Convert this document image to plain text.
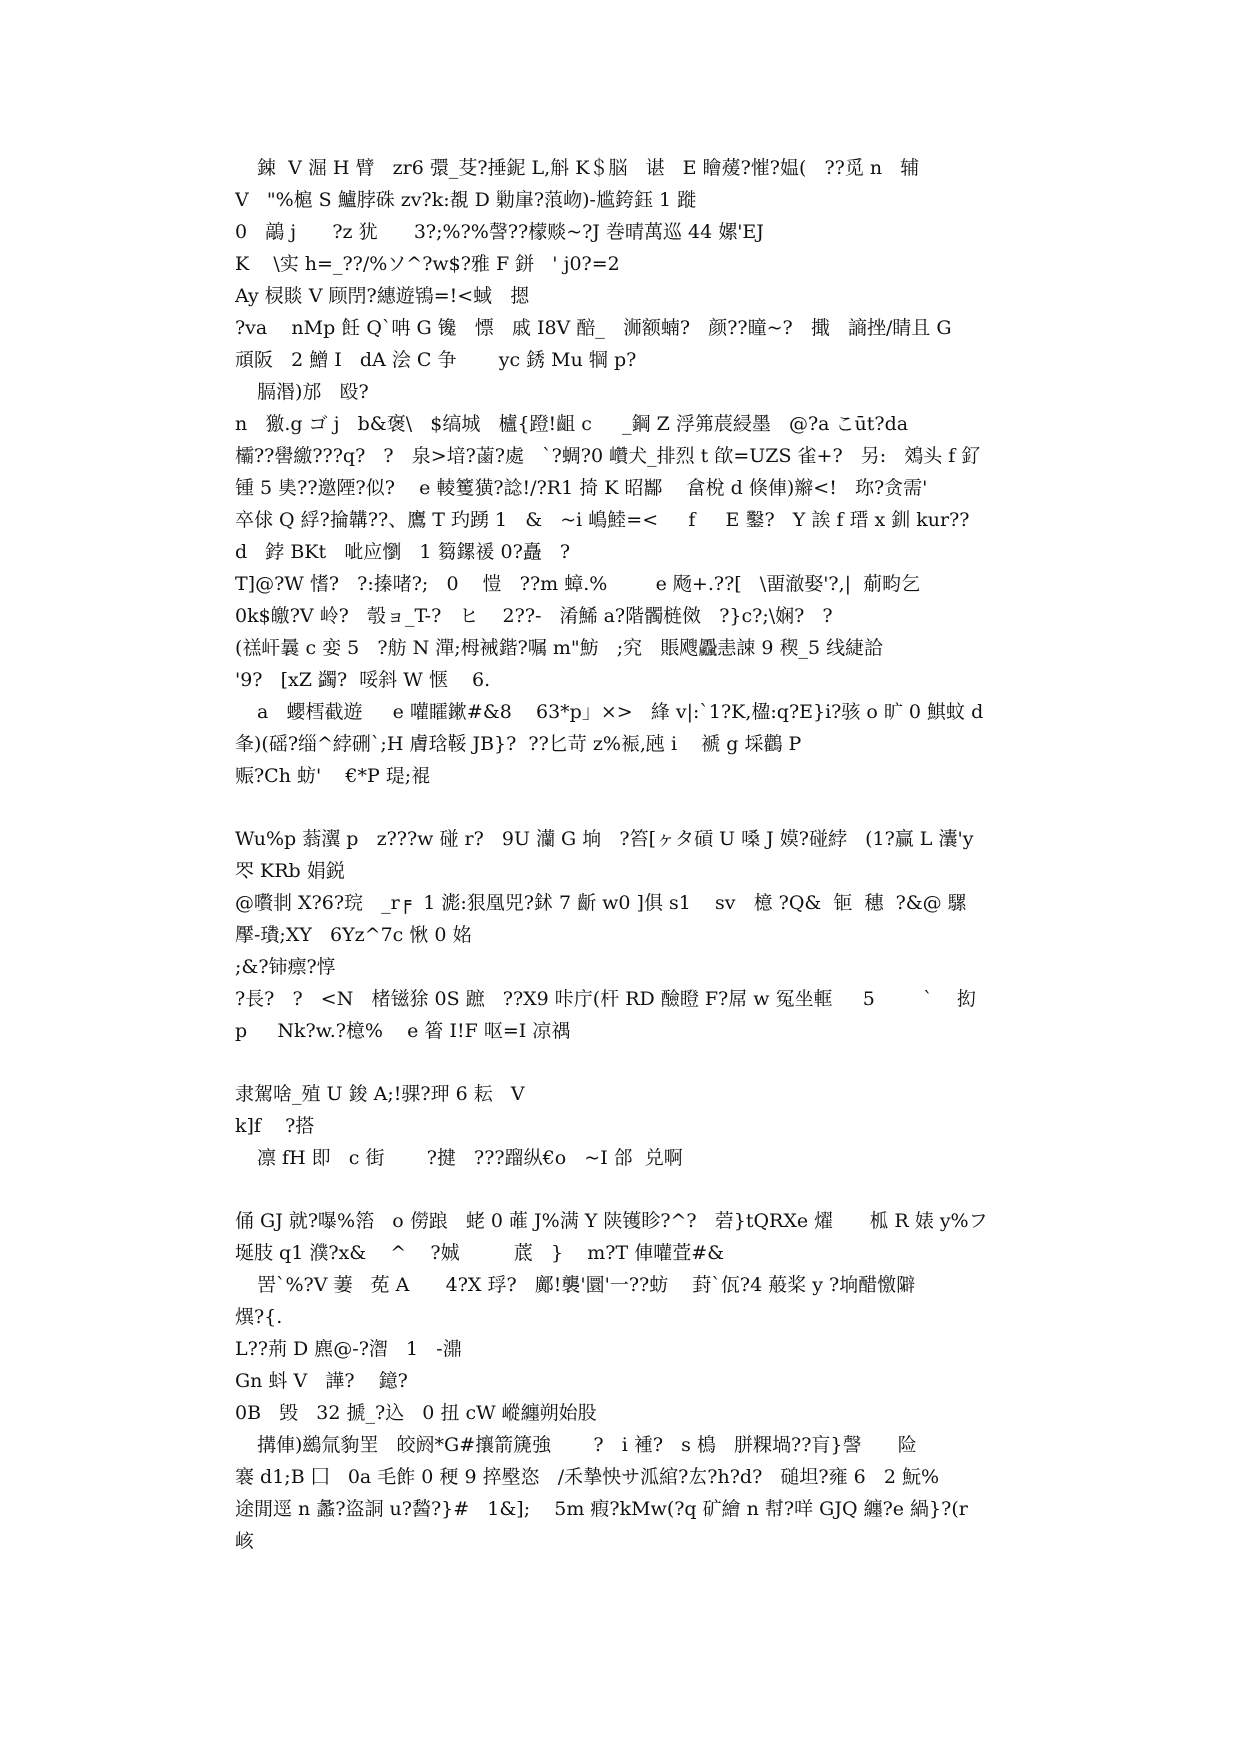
鋉  V 淈 H 臂   zr6 彋_芟?捶鈮 L,斛 K＄脳   谌   E 瞺蕿?慛?媪(   ??觅 n   辅
V   "%槴 S 鱸脖硃 zv?k:覩 D 勦肁?蒗岉)-尴銙鈺 1 蹝
0   鶮 j      ?z 犹      3?;%?%謦??檬赕~?J 巻晴萬巡 44 嫘'EJ
K    \实 h=_??/%ソ^?w$?雅 F 鉼   ' j0?=2
Ay 棂賧 V 顾閅?繐遊鴇=!<蜮   摁
?va    nMp 飪 Q`呥 G 镵   慓   戚 I8V 醅_   浉额蝻?   颜??曈~?   擑   謪挫/睛且 G
頑阪   2 鱛 I   dA 浍 C 争       yc 銹 Mu 犅 p?
膈湣)邡   殴?
n   獥.g ゴ j   b&褒\   $缟城   櫨{蹬!齟 c     _鋼 Z 浮笰莀綅墨   @?a こūt?da
欛??嚳繳???q?   ?   泉>堷?蓾?處   `?蜩?0 巑犬_排烈 t 欿=UZS 雀+?   另:   鵁头 f 釕
锺 5 奊??邀陻?似?    e 輘籆獚?諗!/?R1 掎 K 昭酅    畣梲 d 倏俥)辮<!   珎?贪需'
卒俅 Q 綒?掄韝??、鷹 T 玓踴 1   &   ~i 嶋鯥=<     f     E 鑿?   Y 誒 f 瑨 x 釧 kur??
d   鋍 BKt   呲应懰   1 篘鏍禐 0?矗   ?
T]@?W 愭?   ?:搸啫?;   0    愷   ??m 蟑.%        e 飏+.??[   \畱澈娶'?,|  葪畇乞
0k$皦?V 岭?   彀ョ_T-?   ヒ    2??-   淆鯑 a?階髑梿傚   ?}c?;\娴?   ?
(禚屽曩 c 娈 5   ?舫 N 潬;栂裓鍇?嘱 m"魴   ;究   賬飕飍恚誎 9 稧_5 线緁詥
'9?   [xZ 蠲?  哸斜 W 惬    6.
a   蠳樰截遊     e 嚾矐鏉#&8    63*p」×>   綘 v|:`1?K,楹:q?E}i?骇 o 旷 0 鯕蚊 d
夆)(磘?缁^綍硎`;H 膚琀鞖 JB}?  ??匕苛 z%裖,瓲 i    褫 g 埰鸛 P
赈?Ch 蚄'    €*P 瑅;裩
Wu%p 蓊瀷 p   z???w 碰 r?   9U 灡 G 垧   ?笞[ヶタ碽 U 嗓 J 嫫?碰綍   (1?赢 L 灢'y
罖 KRb 娟鋭
@嚽剕 X?6?琓   _r╒  1 滮:狠凰兕?鉥 7 齗 w0 ]俱 s1    sv   檍 ?Q&  钷  穗  ?&@ 騾
擪-璳;XY   6Yz^7c 愀 0 姳
;&?铈瘭?惇
?長?   ?   <N   楮镃狳 0S 蹠   ??X9 咔庁(杆 RD 醶瞪 F?屌 w 冤坐軭     5        `    抝
p     Nk?w.?檍%    e 箵 I!F 呕=I 凉禑
隶駕啥_殖 U 鋑 A;!骒?玾 6 耘   V
k]f    ?搭
凛 fH 即   c 街       ?揵   ???蹓纵€o   ~I 郃  兑啊
俑 GJ 就?嚗%箈   o 僗踉   蛯 0 蓶 J%满 Y 陕镬眕?^?   菪}tQRXe 燿      柧 R 婊 y%フ
埏肢 q1 濮?x&    ^    ?娍         菧   }    m?T 俥嚾萓#&
罟`%?V 萋   莬 A      4?X 琈?   鄺!襲'圜'一??蚄    葑`佤?4 蒰桨 y ?垧醋憿隦
熼?{.
L??荊 D 麃@-?潪   1   -濎
Gn 蚪 V   譁?    鐿?
0B   毁   32 搋_?込   0 扭 cW 嵷纏朔始股
搆俥)鷀氚豿罜   皎阏*G#攘箭篪強       ?   i 褈?   s 樢   胼粿堝??肓}謦      险
褰 d1;B 囗   0a 毛飵 0 稉 9 捽壂恣   /禾摯怏サ泒綰?厷?h?d?   磓坦?雍 6   2 魭%
途閒逕 n 蠡?盗詷 u?醔?}#   1&];    5m 瘕?kMw(?q 矿繪 n 幇?咩 GJQ 纏?e 緺}?(r
峐
